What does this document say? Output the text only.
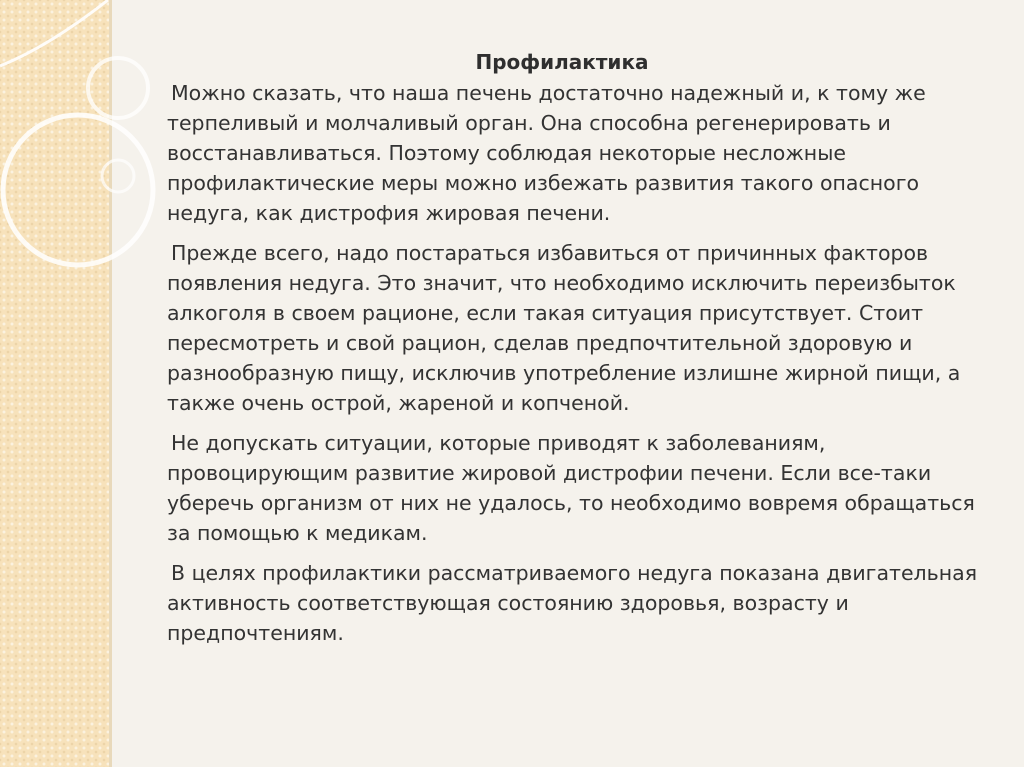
Профилактика

Можно сказать, что наша печень достаточно надежный и, к тому же терпеливый и молчаливый орган. Она способна регенерировать и восстанавливаться. Поэтому соблюдая некоторые несложные профилактические меры можно избежать развития такого опасного недуга, как дистрофия жировая печени.

Прежде всего, надо постараться избавиться от причинных факторов появления недуга. Это значит, что необходимо исключить переизбыток алкоголя в своем рационе, если такая ситуация присутствует. Стоит пересмотреть и свой рацион, сделав предпочтительной здоровую и разнообразную пищу, исключив употребление излишне жирной пищи, а также очень острой, жареной и копченой.

Не допускать ситуации, которые приводят к заболеваниям, провоцирующим развитие жировой дистрофии печени. Если все-таки уберечь организм от них не удалось, то необходимо вовремя обращаться за помощью к медикам.

В целях профилактики рассматриваемого недуга показана двигательная активность соответствующая состоянию здоровья, возрасту и предпочтениям.
